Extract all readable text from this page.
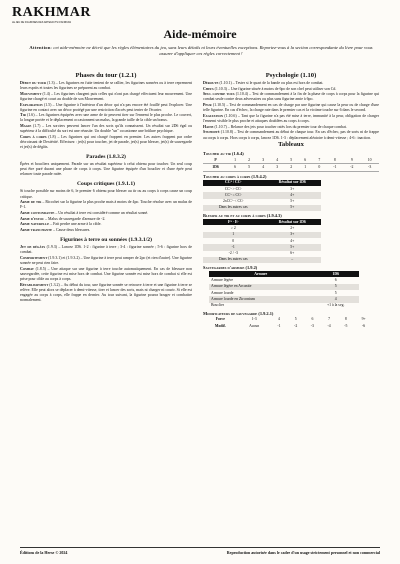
RAKHMAR
LE JEU DE FIGURINES DES ARTEFACTS D'AFRIKAN
Aide-mémoire
Attention: cet aide-mémoire ne décrit que les règles élémentaires du jeu, sans leurs détails ni leurs éventuelles exceptions. Reportez-vous à la section correspondante du livre pour vous assurer d'appliquer ces règles correctement !
Phases du tour (1.2.1)
Début du tour (1.3) – Les figurines en fuite tentent de se rallier, les figurines sonnées ou à terre reprennent leurs esprits et toutes les figurines se préparent au combat.
Mouvement (1.4) – Les figurines chargent puis celles qui n'ont pas chargé effectuent leur mouvement. Une figurine chargé et court au double de son Mouvement.
Exploration (1.5) – Une figurine à l'intérieur d'un décor qui n'a pas encore été fouillé peut l'explorer. Une figurine en contact avec un décor protégé par une restriction d'accès peut tenter de l'écarter.
Tir (1.6) – Les figurines équipées avec une arme de tir peuvent tirer sur l'ennemi le plus proche. Le couvert, la longue portée et le déplacement occasionnent un malus, la grande taille de la cible un bonus.
Magie (1.7) – Les sorciers peuvent lancer l'un des sorts qu'ils connaissent. Un résultat sur 2D6 égal ou supérieur à la difficulté du sort est une réussite. Un double "un" occasionne une brûlure psychique.
Corps à corps (1.8) – Les figurines qui ont chargé frappent en premier. Les autres frappent par ordre décroissant de Dextérité. Effectuez : jet(s) pour toucher, jet de parade, jet(s) pour blesser, jet(s) de sauvegarde et jet(s) de dégâts.
Parades (1.8.3.2)
Épées et boucliers uniquement. Parade sur un résultat supérieur à celui obtenu pour toucher. Un seul coup peut être paré durant une phase de corps à corps. Une figurine équipée d'un bouclier et d'une épée peut relancer toute parade ratée.
Coups critiques (1.9.1.1)
Si touche possible sur moins de 6, le premier 6 obtenu pour blesser au tir ou au corps à corps cause un coup critique.
Arme de tir – Ricochet sur la figurine la plus proche mais à moins de 4po. Touche résolue avec un malus de F-1.
Arme contondante – Un résultat à terre est considéré comme un résultat sonné.
Arme d'estoc – Malus de sauvegarde d'armure de -2.
Arme naturelle – Fait perdre une arme à la cible.
Arme tranchante – Cause deux blessures.
Figurines à terre ou sonnées (1.9.3.1/2)
Jet de dégâts (1.9.3) – Lancez 1D6. 1-2 : figurine à terre ; 3-4 : figurine sonnée ; 5-6 : figurine hors de combat.
Comportement (1.9.3.1) et (1.9.3.2) – Une figurine à terre peut ramper de 2po (et rien d'autre). Une figurine sonnée ne peut rien faire.
Combat (1.8.5) – Une attaque sur une figurine à terre touche automatiquement. En cas de blessure non sauvegardée, cette figurine est mise hors de combat. Une figurine sonnée est mise hors de combat si elle est prise pour cible au corps à corps.
Rétablissement (1.3.2) – Au début du tour, une figurine sonnée se retrouve à terre et une figurine à terre se relève. Elle peut alors se déplacer à demi-vitesse, tirer et lancer des sorts, mais ni charger ni courir. Si elle est engagée au corps à corps, elle frappe en dernier. Au tour suivant, la figurine pourra bouger et combattre normalement.
Psychologie (1.10)
Déroute (1.10.1) – Tester si le quart de la bande ou plus est hors de combat.
Chefs (1.10.3) – Une figurine située à moins de 6po de son chef peut utiliser son Cd.
Seul contre tous (1.10.4) – Test de commandement à la fin de la phase de corps à corps pour la figurine qui combat seule contre deux adversaires ou plus sans figurine amie à 6po.
Peur (1.10.5) – Test de commandement en cas de charge par une figurine qui cause la peur ou de charge d'une telle figurine. En cas d'échec, la charge rate dans le premier cas et la victime touche sur 6 dans le second.
Exaltation (1.10.6) – Tant que la figurine n'a pas été mise à terre, immunité à la peur, obligation de charger l'ennemi visible le plus proche et attaques doublées au corps à corps.
Haine (1.10.7) – Relance des jets pour toucher ratés lors du premier tour de chaque combat.
Stupidité (1.10.8) – Test de commandement au début de chaque tour. En cas d'échec, pas de sorts ni de frappe au corps à corps. Hors corps à corps, lancez 1D6. 1-3 : déplacement aléatoire à demi-vitesse ; 4-6 : inaction.
Tableaux
Toucher au tir (1.6.4)
P	1	2	3	4	5	6	7	8	9	10
1D6	6	5	4	3	2	1	0	-1	-2	-3
Toucher au corps à corps (1.9.4.2)
CCᴬ / CCᶜ	Résultat sur 1D6
CCᴬ > CCᶜ	3+
CCᴬ ≤ CCᶜ	4+
2xCCᴬ < CCᶜ	5+
Dans les autres cas	5+
Blesser au tir et au corps à corps (1.9.4.3)
Fᴬ - Eᶜ	Résultat sur 1D6
≥ 2	2+
1	3+
0	4+
-1	5+
-2 / -3	6+
Dans les autres cas	–
Sauvegardes d'armure (1.9.2)
Armure	1D6
Armure légère	6
Armure légère en Arcanite	5
Armure lourde	5
Armure lourde en Zirconium	4
Bouclier	+1 à la svg.
Modificateurs de sauvegarde (1.9.2.1)
Force	1-3	4	5	6	7	8	9+
Modif.	Aucun	-1	-2	-3	-4	-5	-6
Éditions de la Herse © 2024	Reproduction autorisée dans le cadre d'un usage strictement personnel et non commercial
